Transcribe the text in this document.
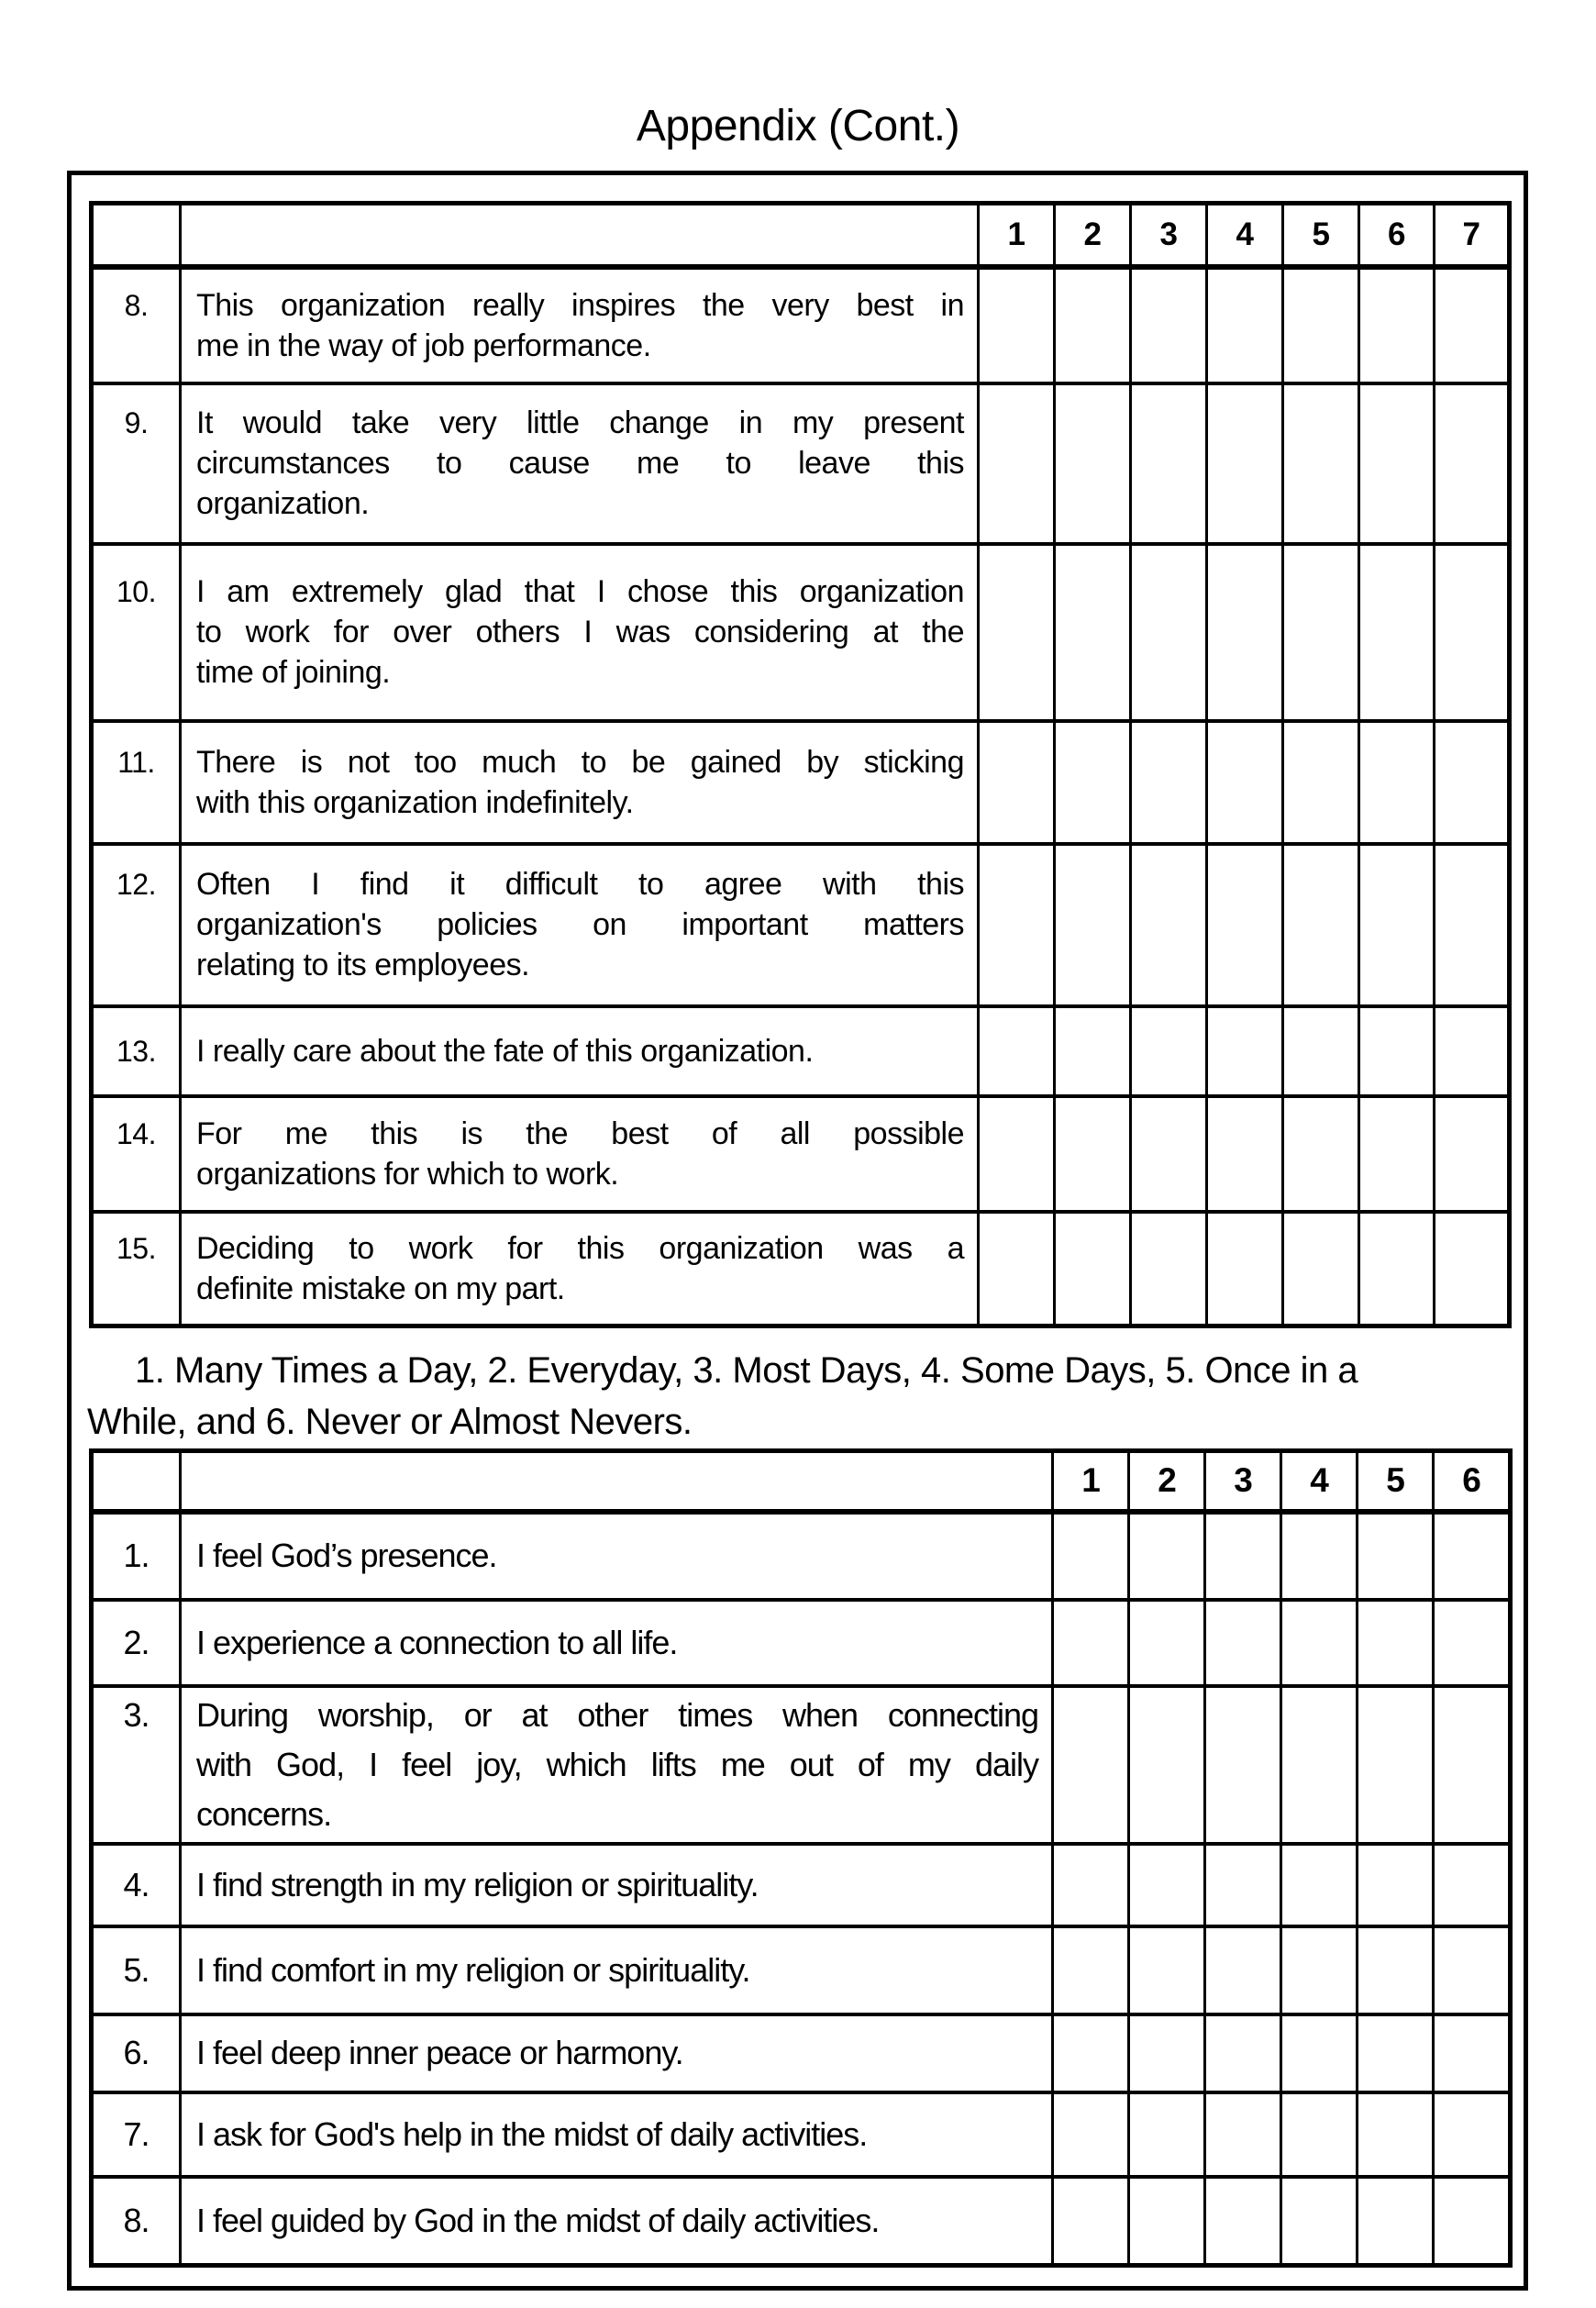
Appendix (Cont.)
		1	2	3	4	5	6	7

8.	This organization really inspires the very best in
me in the way of job performance.							

9.	It would take very little change in my present
circumstances to cause me to leave this
organization.							

10.	I am extremely glad that I chose this organization
to work for over others I was considering at the
time of joining.							

11.	There is not too much to be gained by sticking
with this organization indefinitely.							

12.	Often I find it difficult to agree with this
organization's policies on important matters
relating to its employees.							

13.	I really care about the fate of this organization.							

14.	For me this is the best of all possible
organizations for which to work.							

15.	Deciding to work for this organization was a
definite mistake on my part.							

1. Many Times a Day, 2. Everyday, 3. Most Days, 4. Some Days, 5. Once in a
While, and 6. Never or Almost Nevers.
		1	2	3	4	5	6

1.	I feel God’s presence.						

2.	I experience a connection to all life.						

3.	During worship, or at other times when connecting
with God, I feel joy, which lifts me out of my daily
concerns.						

4.	I find strength in my religion or spirituality.						

5.	I find comfort in my religion or spirituality.						

6.	I feel deep inner peace or harmony.						

7.	I ask for God's help in the midst of daily activities.						

8.	I feel guided by God in the midst of daily activities.						
